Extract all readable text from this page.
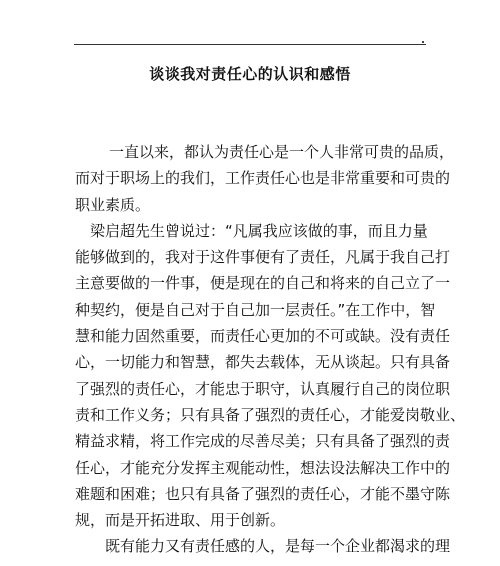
谈谈我对责任心的认识和感悟
一直以来，都认为责任心是一个人非常可贵的品质，
而对于职场上的我们，工作责任心也是非常重要和可贵的
职业素质。
梁启超先生曾说过：“凡属我应该做的事，而且力量
能够做到的，我对于这件事便有了责任，凡属于我自己打
主意要做的一件事，便是现在的自己和将来的自己立了一
种契约，便是自己对于自己加一层责任。”在工作中，智
慧和能力固然重要，而责任心更加的不可或缺。没有责任
心，一切能力和智慧，都失去载体，无从谈起。只有具备
了强烈的责任心，才能忠于职守，认真履行自己的岗位职
责和工作义务；只有具备了强烈的责任心，才能爱岗敬业、
精益求精，将工作完成的尽善尽美；只有具备了强烈的责
任心，才能充分发挥主观能动性，想法设法解决工作中的
难题和困难；也只有具备了强烈的责任心，才能不墨守陈
规，而是开拓进取、用于创新。
既有能力又有责任感的人，是每一个企业都渴求的理
